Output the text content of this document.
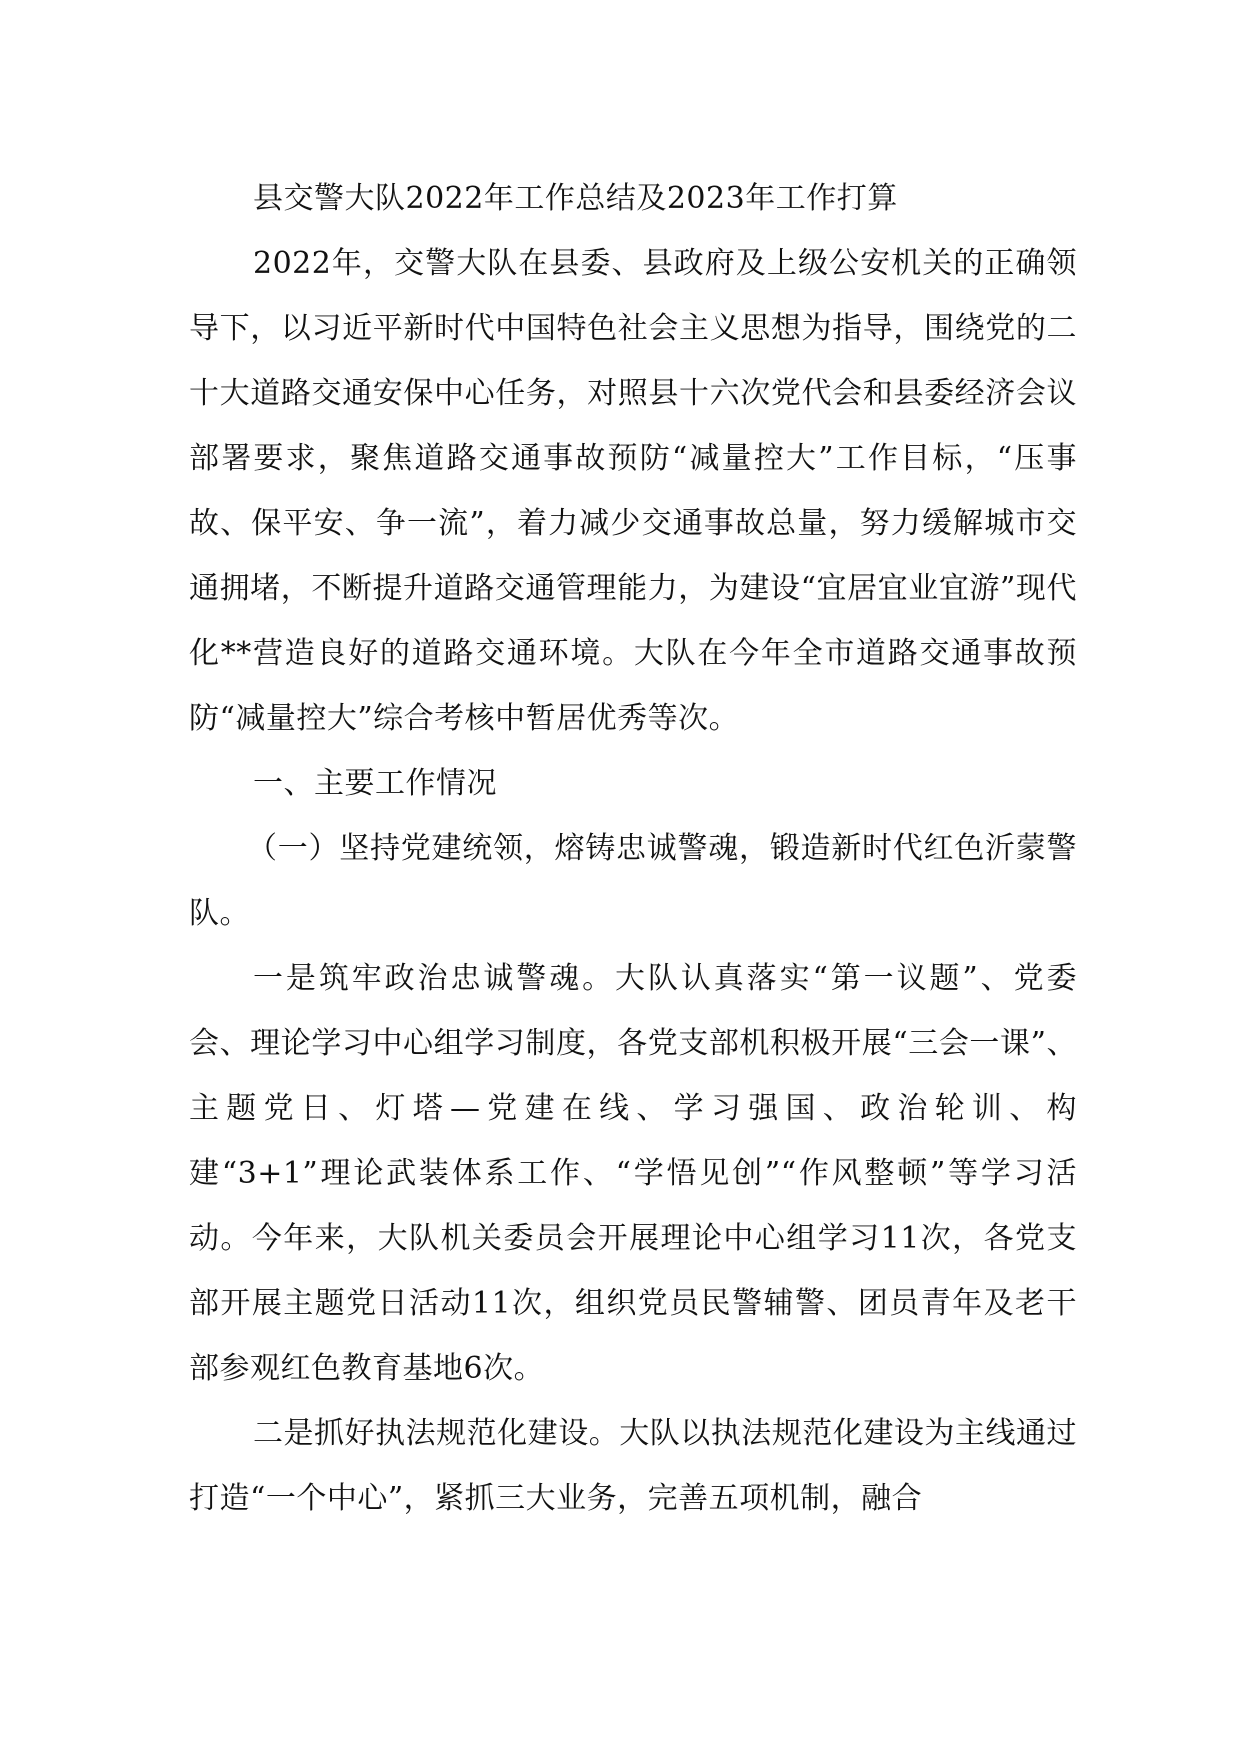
县交警大队2022年工作总结及2023年工作打算

2022年，交警大队在县委、县政府及上级公安机关的正确领导下，以习近平新时代中国特色社会主义思想为指导，围绕党的二十大道路交通安保中心任务，对照县十六次党代会和县委经济会议部署要求，聚焦道路交通事故预防“减量控大”工作目标，“压事故、保平安、争一流”，着力减少交通事故总量，努力缓解城市交通拥堵，不断提升道路交通管理能力，为建设“宜居宜业宜游”现代化**营造良好的道路交通环境。大队在今年全市道路交通事故预防“减量控大”综合考核中暂居优秀等次。

一、主要工作情况

（一）坚持党建统领，熔铸忠诚警魂，锻造新时代红色沂蒙警队。

一是筑牢政治忠诚警魂。大队认真落实“第一议题”、党委会、理论学习中心组学习制度，各党支部机积极开展“三会一课”、主题党日、灯塔—党建在线、学习强国、政治轮训、构建“3+1”理论武装体系工作、“学悟见创”“作风整顿”等学习活动。今年来，大队机关委员会开展理论中心组学习11次，各党支部开展主题党日活动11次，组织党员民警辅警、团员青年及老干部参观红色教育基地6次。

二是抓好执法规范化建设。大队以执法规范化建设为主线通过打造“一个中心”，紧抓三大业务，完善五项机制，融合
